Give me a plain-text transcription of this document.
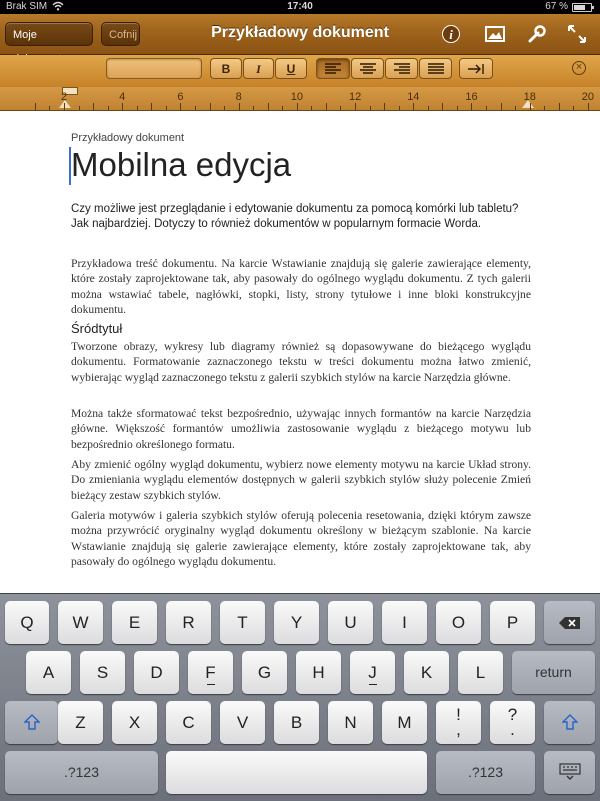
Brak SIM	17:40	67 %
Moje	Cofnij	Przykładowy dokument	i
B	I	U	×
2	4	6	8	10	12	14	16	18	20
Przykładowy dokument
Mobilna edycja

Czy możliwe jest przeglądanie i edytowanie dokumentu za pomocą komórki lub tabletu? Jak najbardziej. Dotyczy to również dokumentów w popularnym formacie Worda.

Przykładowa treść dokumentu. Na karcie Wstawianie znajdują się galerie zawierające elementy, które zostały zaprojektowane tak, aby pasowały do ogólnego wyglądu dokumentu. Z tych galerii można wstawiać tabele, nagłówki, stopki, listy, strony tytułowe i inne bloki konstrukcyjne dokumentu.

Śródtytuł

Tworzone obrazy, wykresy lub diagramy również są dopasowywane do bieżącego wyglądu dokumentu. Formatowanie zaznaczonego tekstu w treści dokumentu można łatwo zmienić, wybierając wygląd zaznaczonego tekstu z galerii szybkich stylów na karcie Narzędzia główne.

Można także sformatować tekst bezpośrednio, używając innych formantów na karcie Narzędzia główne. Większość formantów umożliwia zastosowanie wyglądu z bieżącego motywu lub bezpośrednio określonego formatu.

Aby zmienić ogólny wygląd dokumentu, wybierz nowe elementy motywu na karcie Układ strony. Do zmieniania wyglądu elementów dostępnych w galerii szybkich stylów służy polecenie Zmień bieżący zestaw szybkich stylów.

Galeria motywów i galeria szybkich stylów oferują polecenia resetowania, dzięki którym zawsze można przywrócić oryginalny wygląd dokumentu określony w bieżącym szablonie. Na karcie Wstawianie znajdują się galerie zawierające elementy, które zostały zaprojektowane tak, aby pasowały do ogólnego wyglądu dokumentu.

Q	W	E	R	T	Y	U	I	O	P
A	S	D	F	G	H	J	K	L	return
Z	X	C	V	B	N	M	!
,
?
.
.?123	.?123
